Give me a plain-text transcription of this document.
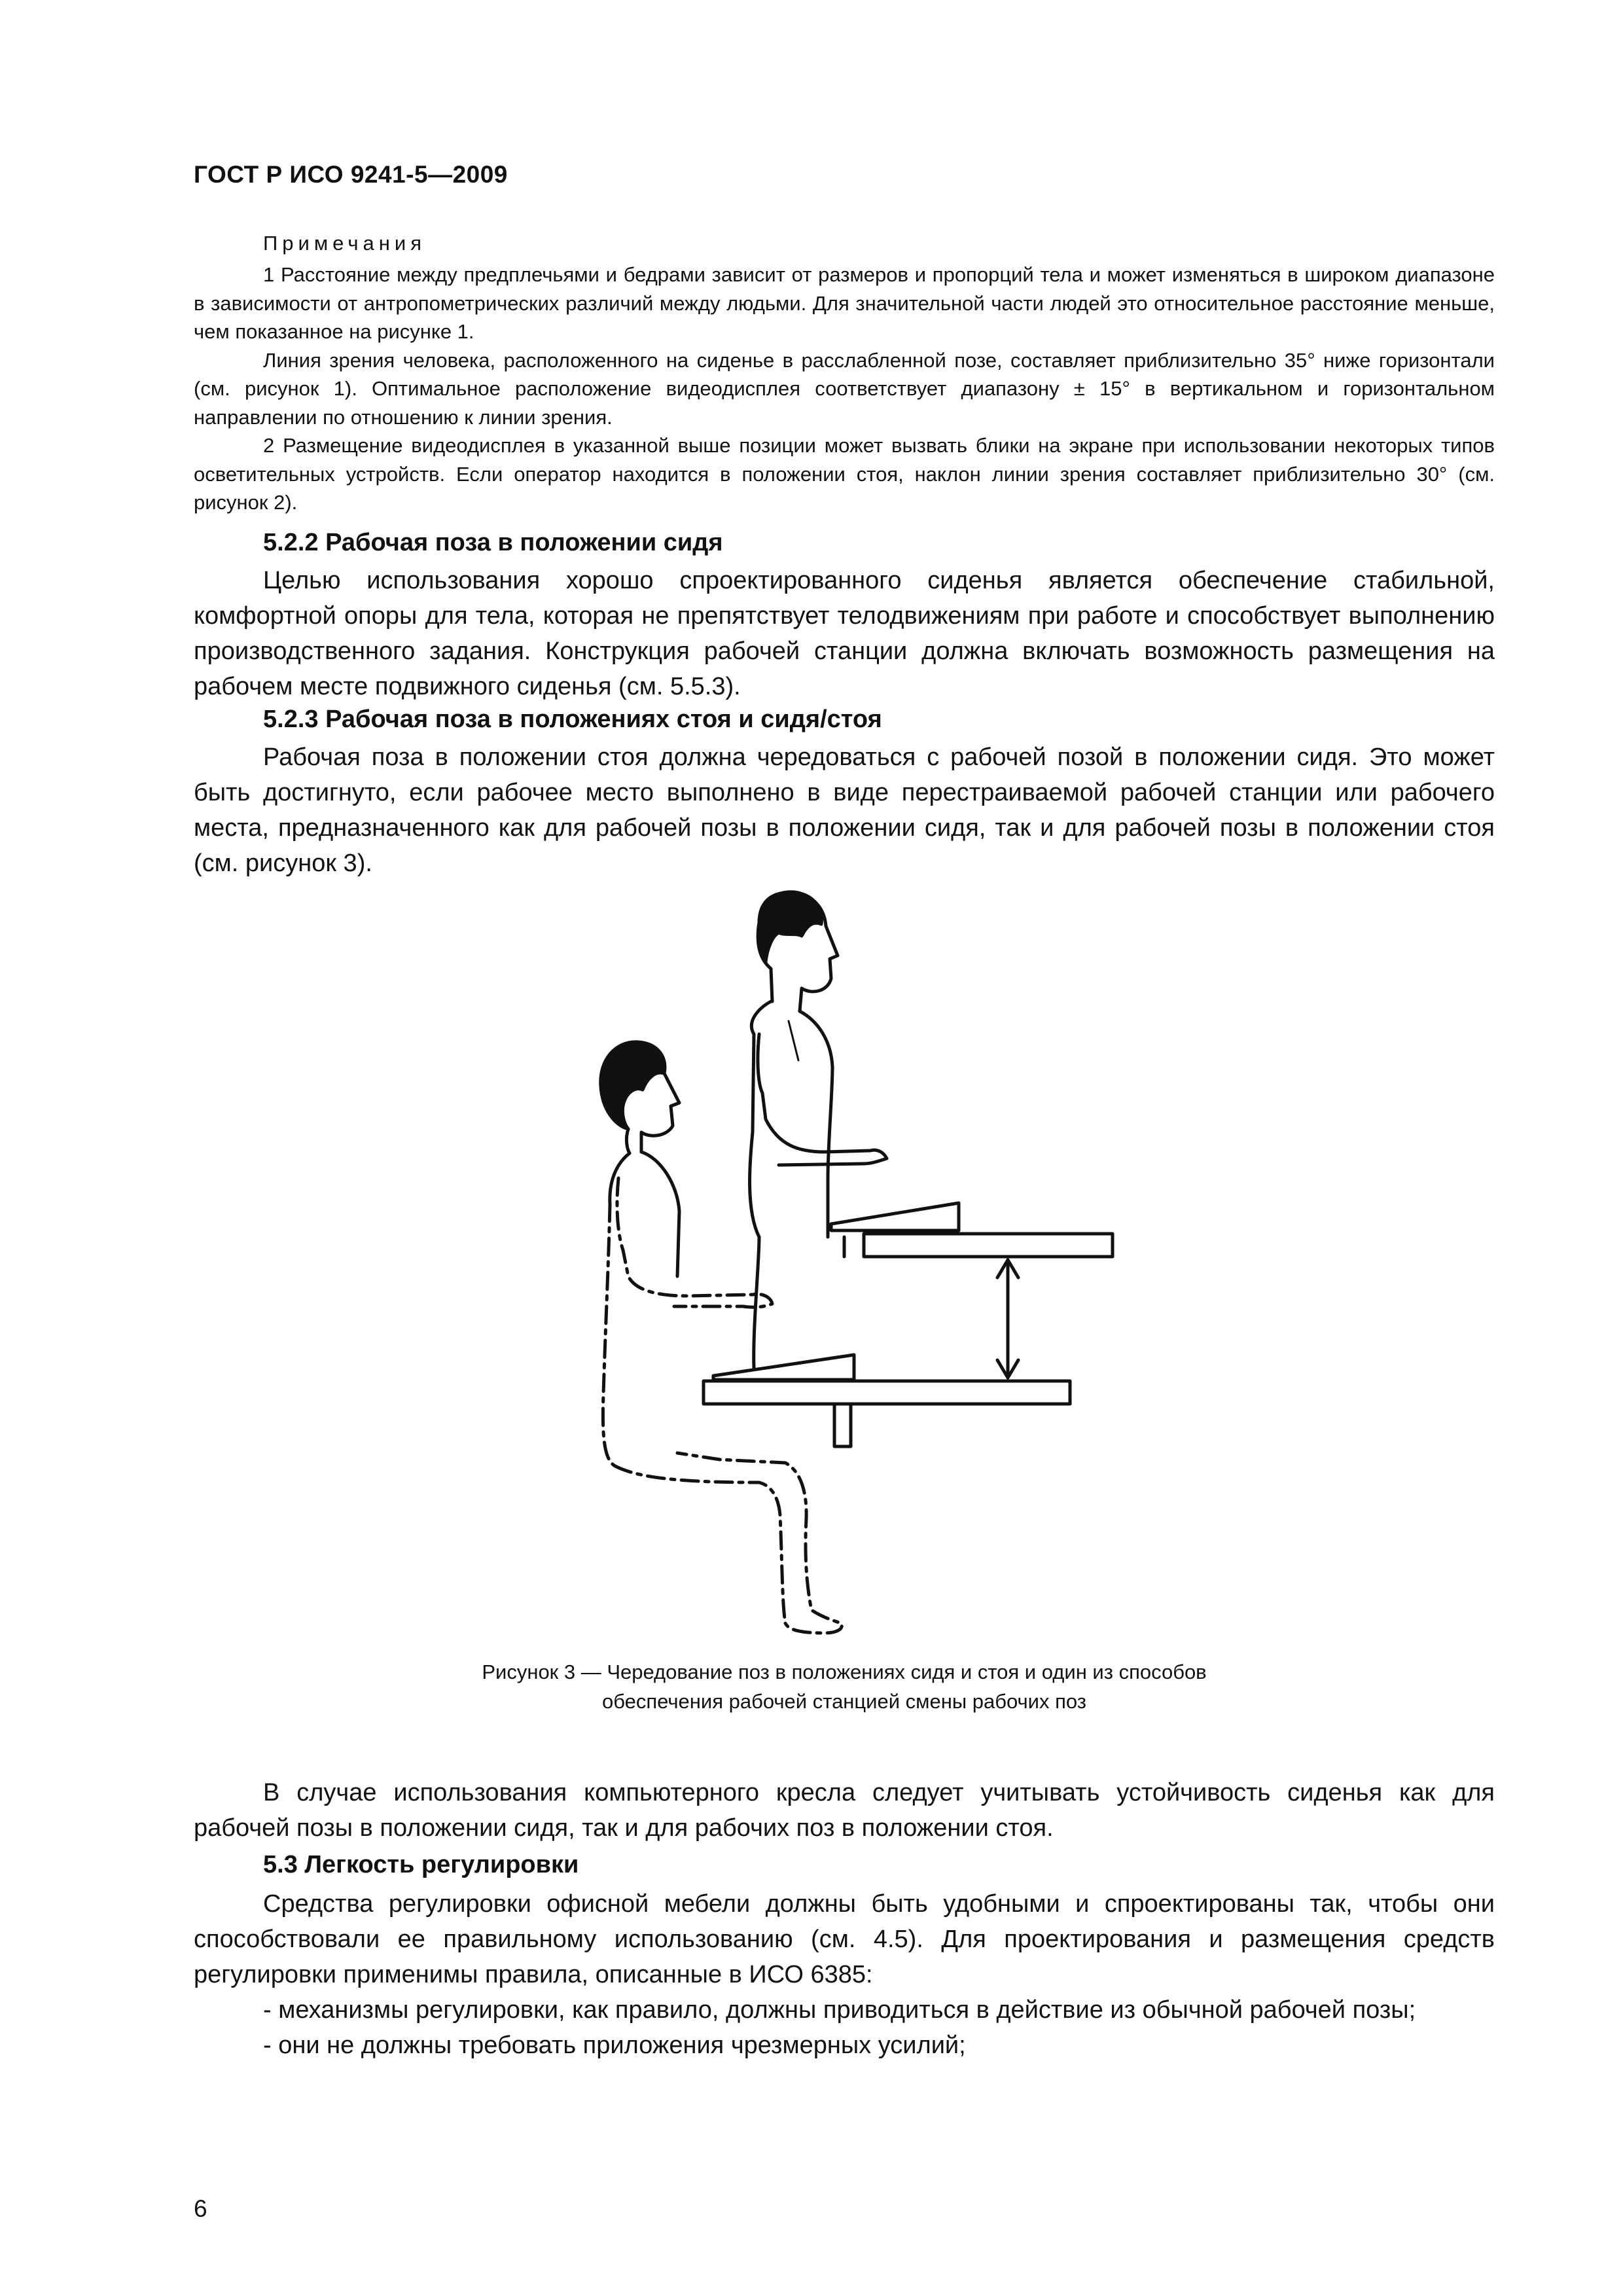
ГОСТ Р ИСО 9241-5—2009
Примечания

1 Расстояние между предплечьями и бедрами зависит от размеров и пропорций тела и может изменяться в широком диапазоне в зависимости от антропометрических различий между людьми. Для значительной части людей это относительное расстояние меньше, чем показанное на рисунке 1.

Линия зрения человека, расположенного на сиденье в расслабленной позе, составляет приблизительно 35° ниже горизонтали (см. рисунок 1). Оптимальное расположение видеодисплея соответствует диапазону ± 15° в вертикальном и горизонтальном направлении по отношению к линии зрения.

2 Размещение видеодисплея в указанной выше позиции может вызвать блики на экране при использовании некоторых типов осветительных устройств. Если оператор находится в положении стоя, наклон линии зрения составляет приблизительно 30° (см. рисунок 2).

5.2.2 Рабочая поза в положении сидя

Целью использования хорошо спроектированного сиденья является обеспечение стабильной, комфортной опоры для тела, которая не препятствует телодвижениям при работе и способствует выполнению производственного задания. Конструкция рабочей станции должна включать возможность размещения на рабочем месте подвижного сиденья (см. 5.5.3).

5.2.3 Рабочая поза в положениях стоя и сидя/стоя

Рабочая поза в положении стоя должна чередоваться с рабочей позой в положении сидя. Это может быть достигнуто, если рабочее место выполнено в виде перестраиваемой рабочей станции или рабочего места, предназначенного как для рабочей позы в положении сидя, так и для рабочей позы в положении стоя (см. рисунок 3).

Рисунок 3 — Чередование поз в положениях сидя и стоя и один из способов
обеспечения рабочей станцией смены рабочих поз

В случае использования компьютерного кресла следует учитывать устойчивость сиденья как для рабочей позы в положении сидя, так и для рабочих поз в положении стоя.

5.3 Легкость регулировки

Средства регулировки офисной мебели должны быть удобными и спроектированы так, чтобы они способствовали ее правильному использованию (см. 4.5). Для проектирования и размещения средств регулировки применимы правила, описанные в ИСО 6385:

- механизмы регулировки, как правило, должны приводиться в действие из обычной рабочей позы;

- они не должны требовать приложения чрезмерных усилий;

6
